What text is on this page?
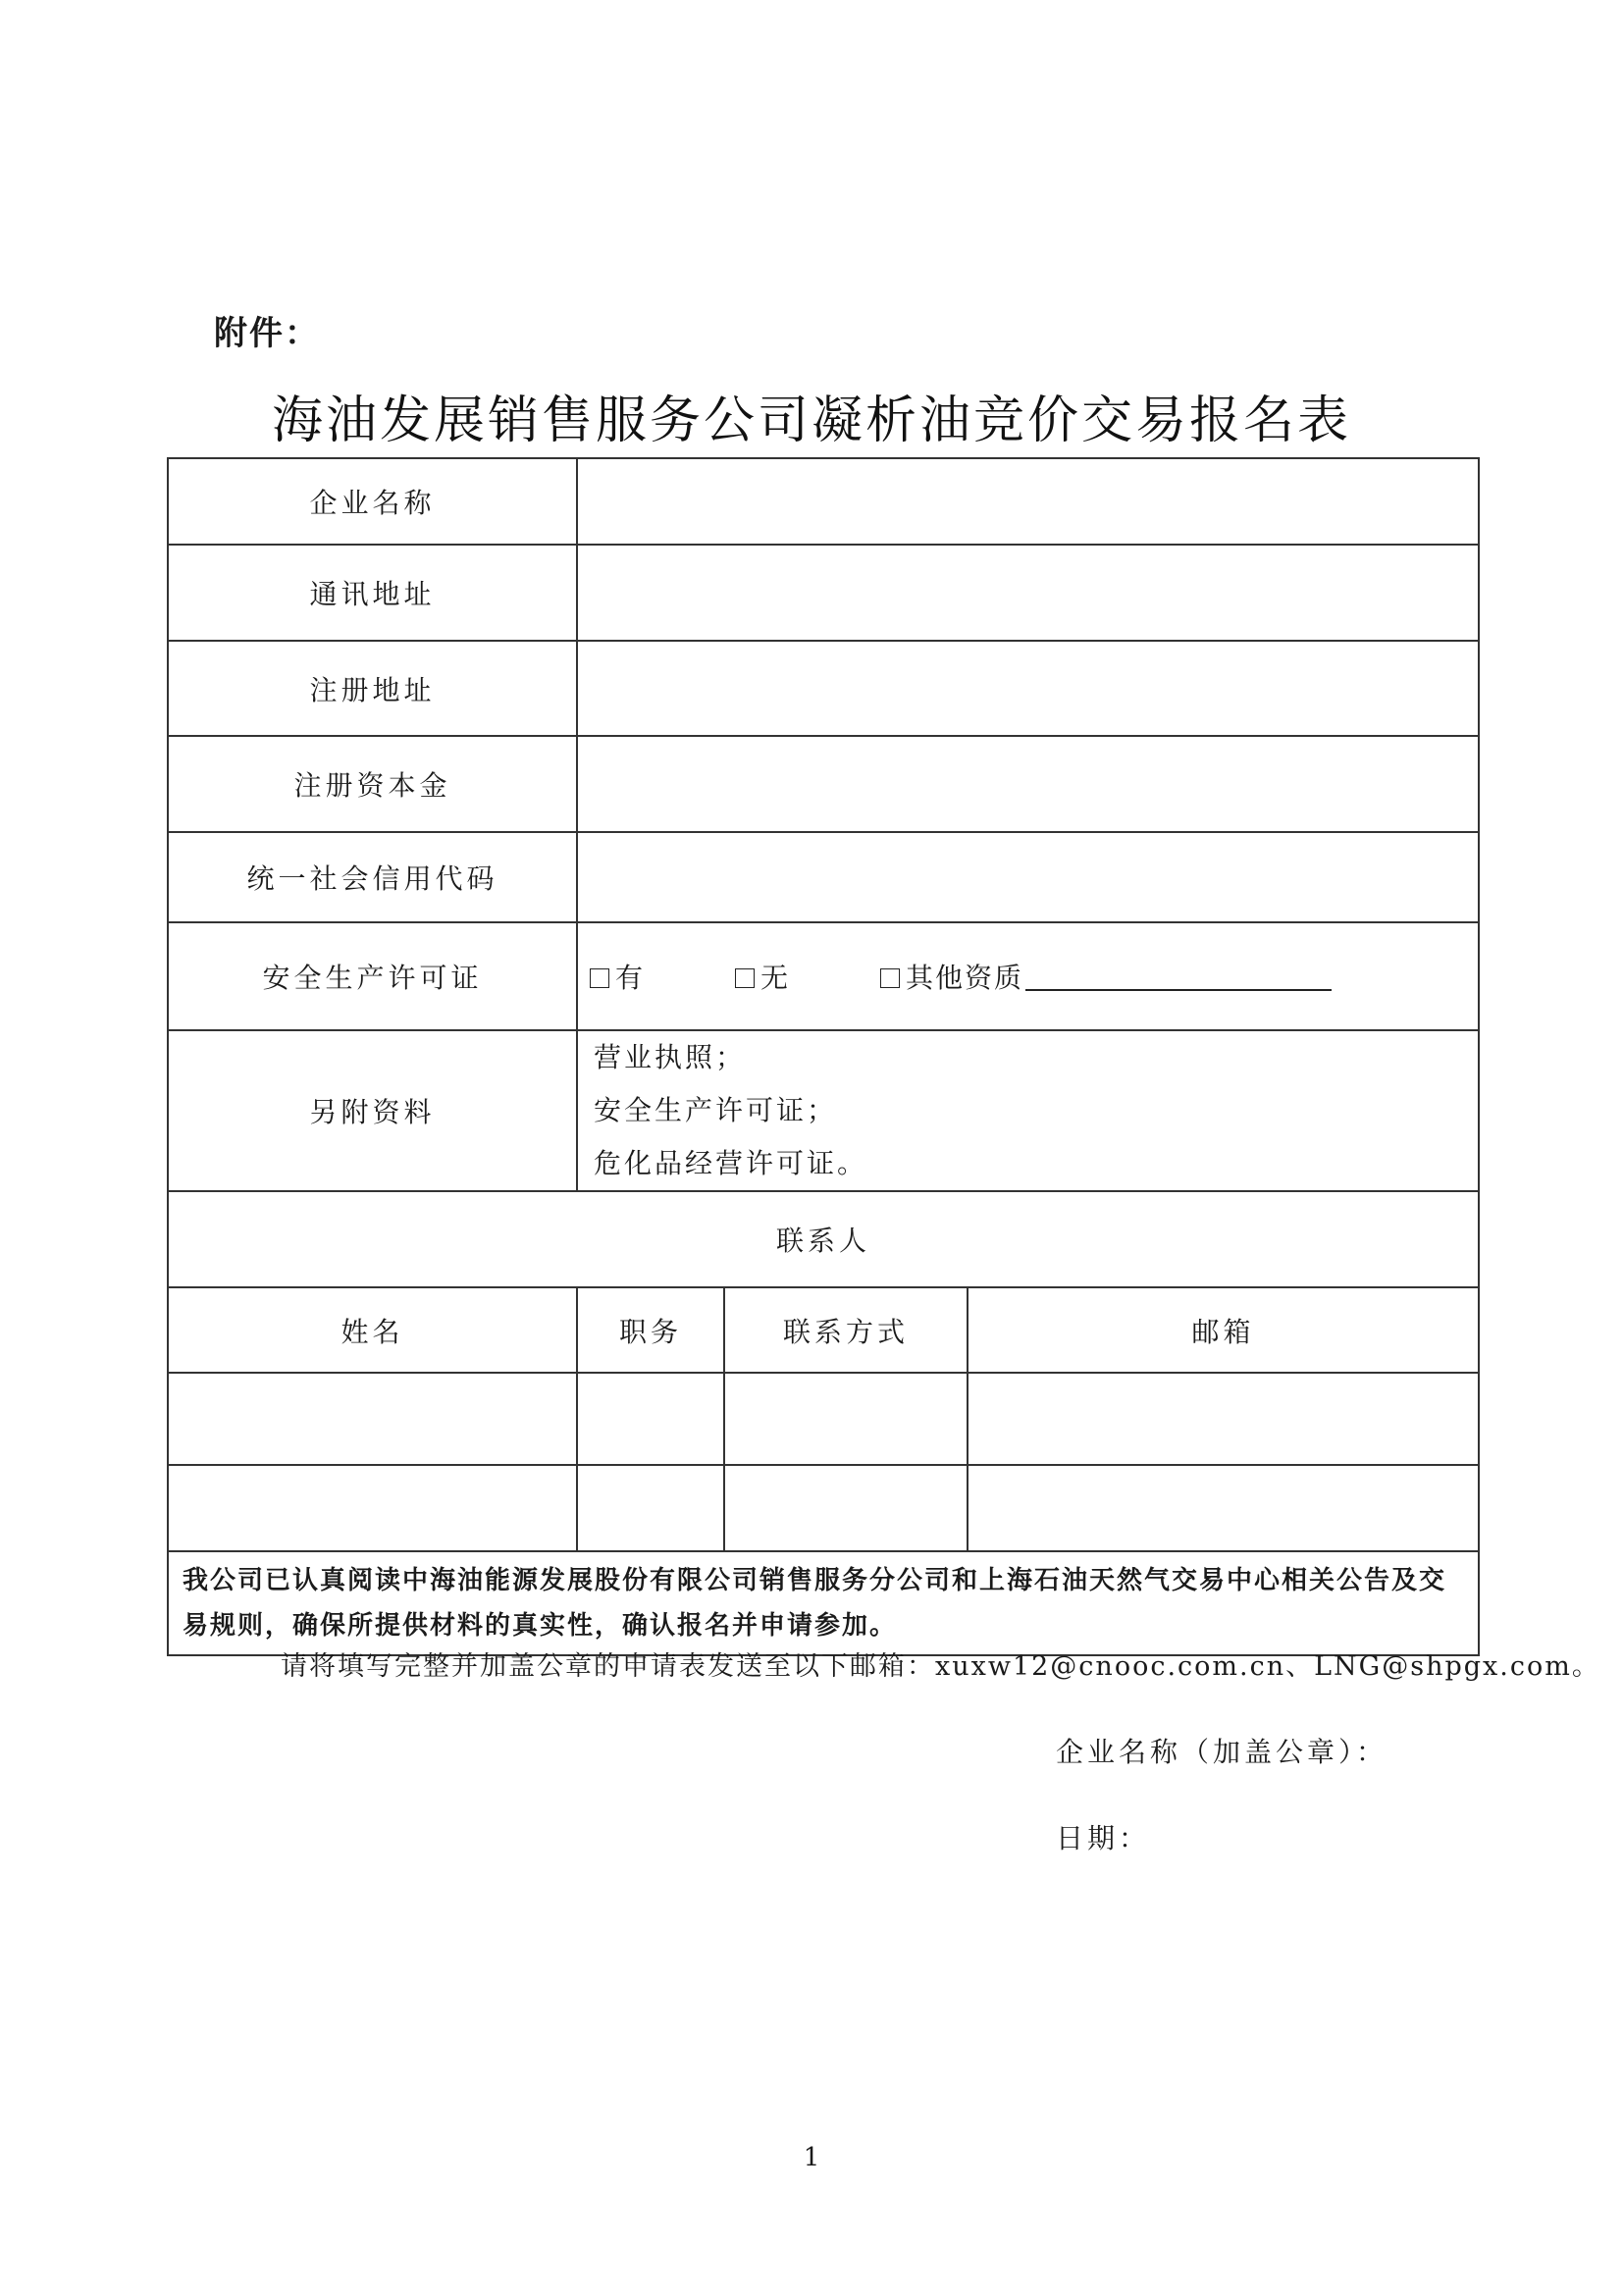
附件：
海油发展销售服务公司凝析油竞价交易报名表
企业名称			
通讯地址			
注册地址			
注册资本金			
统一社会信用代码			
安全生产许可证	有 无 其他资质		
另附资料	营业执照；
安全生产许可证；
危化品经营许可证。		

联系人			
姓名	职务	联系方式	邮箱

我公司已认真阅读中海油能源发展股份有限公司销售服务分公司和上海石油天然气交易中心相关公告及交易规则，确保所提供材料的真实性，确认报名并申请参加。			
请将填写完整并加盖公章的申请表发送至以下邮箱：xuxw12@cnooc.com.cn、LNG@shpgx.com。
企业名称（加盖公章）：
日期：
1
